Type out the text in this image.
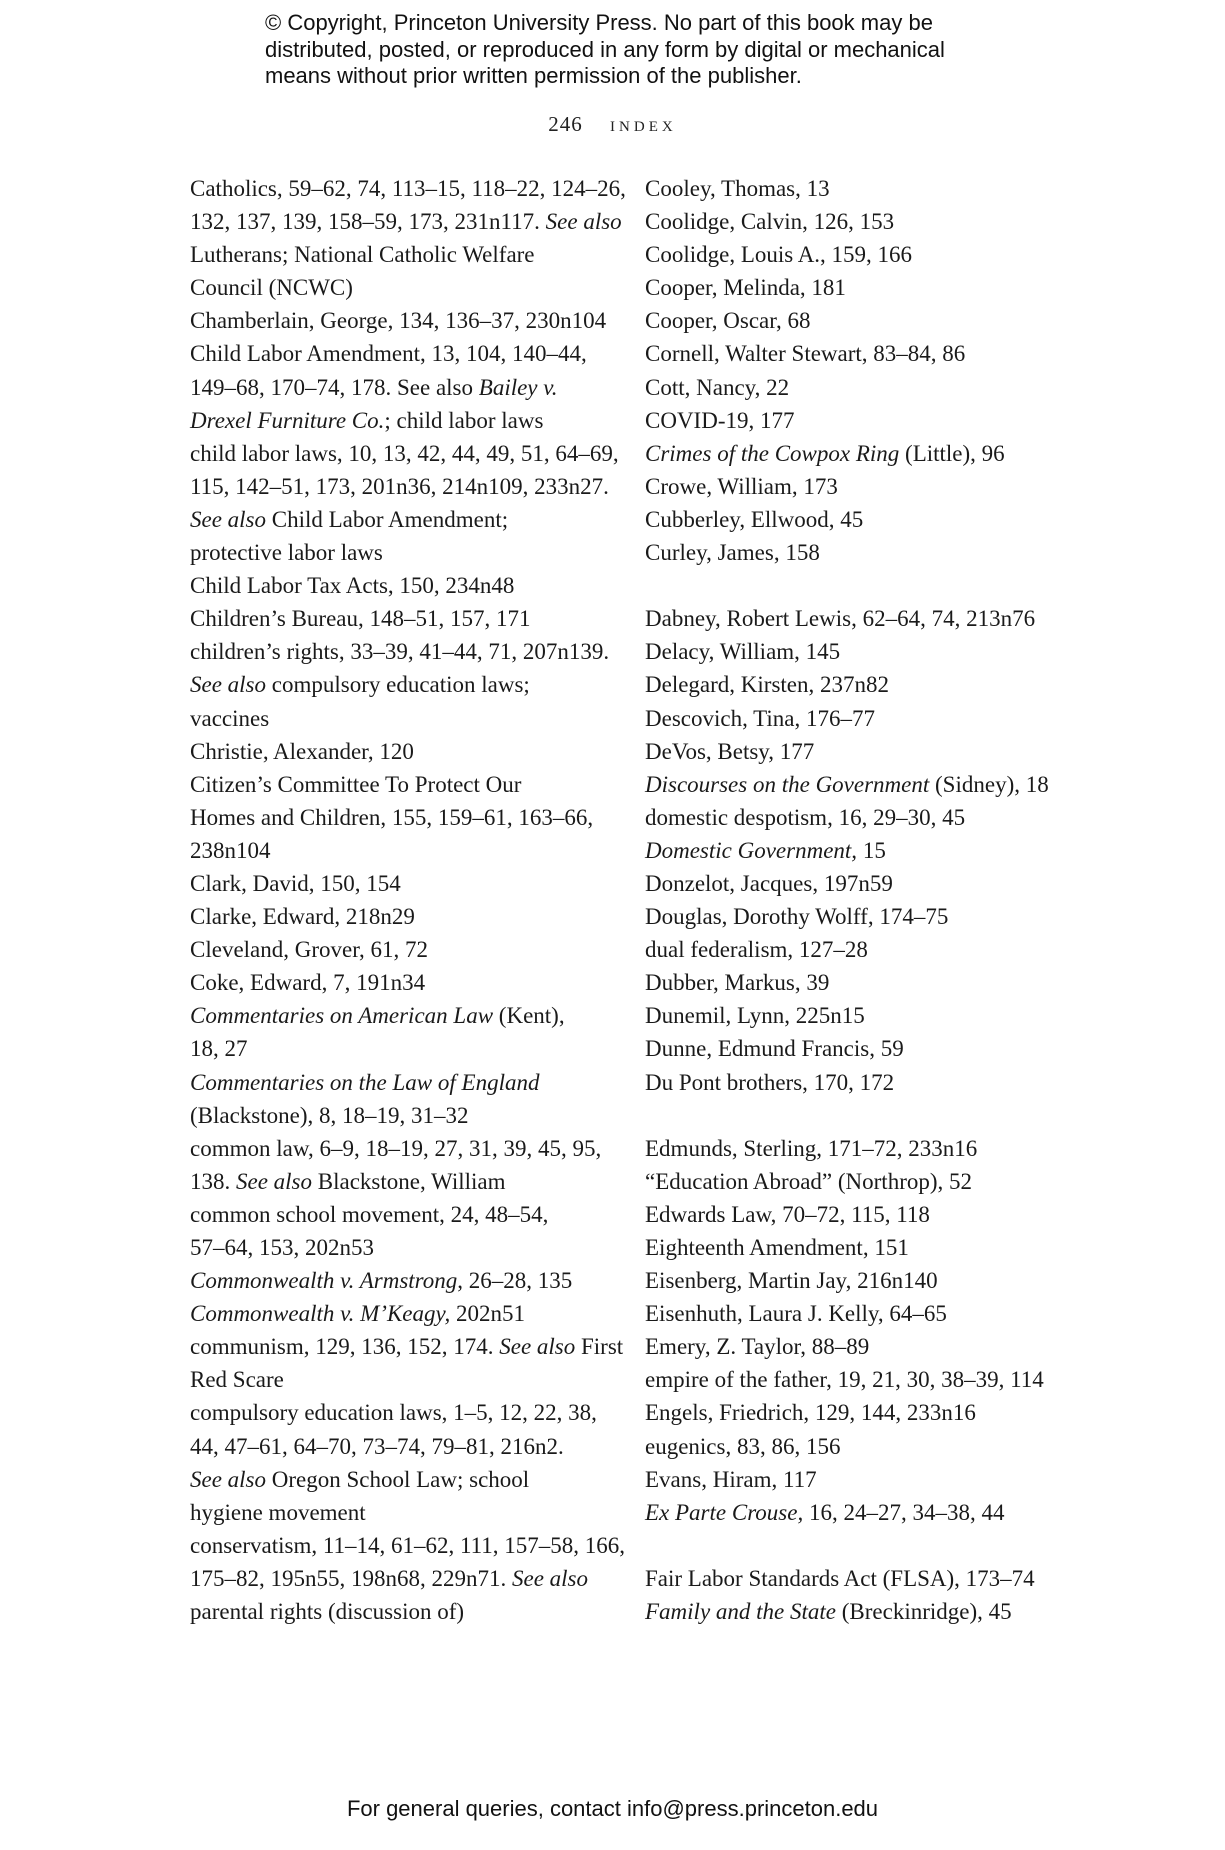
© Copyright, Princeton University Press. No part of this book may be
distributed, posted, or reproduced in any form by digital or mechanical
means without prior written permission of the publisher.
246 index
Catholics, 59–62, 74, 113–15, 118–22, 124–26,
132, 137, 139, 158–59, 173, 231n117. See also
Lutherans; National Catholic Welfare
Council (NCWC)
Chamberlain, George, 134, 136–37, 230n104
Child Labor Amendment, 13, 104, 140–44,
149–68, 170–74, 178. See also Bailey v.
Drexel Furniture Co.; child labor laws
child labor laws, 10, 13, 42, 44, 49, 51, 64–69,
115, 142–51, 173, 201n36, 214n109, 233n27.
See also Child Labor Amendment;
protective labor laws
Child Labor Tax Acts, 150, 234n48
Children’s Bureau, 148–51, 157, 171
children’s rights, 33–39, 41–44, 71, 207n139.
See also compulsory education laws;
vaccines
Christie, Alexander, 120
Citizen’s Committee To Protect Our
Homes and Children, 155, 159–61, 163–66,
238n104
Clark, David, 150, 154
Clarke, Edward, 218n29
Cleveland, Grover, 61, 72
Coke, Edward, 7, 191n34
Commentaries on American Law (Kent),
18, 27
Commentaries on the Law of England
(Blackstone), 8, 18–19, 31–32
common law, 6–9, 18–19, 27, 31, 39, 45, 95,
138. See also Blackstone, William
common school movement, 24, 48–54,
57–64, 153, 202n53
Commonwealth v. Armstrong, 26–28, 135
Commonwealth v. M’Keagy, 202n51
communism, 129, 136, 152, 174. See also First
Red Scare
compulsory education laws, 1–5, 12, 22, 38,
44, 47–61, 64–70, 73–74, 79–81, 216n2.
See also Oregon School Law; school
hygiene movement
conservatism, 11–14, 61–62, 111, 157–58, 166,
175–82, 195n55, 198n68, 229n71. See also
parental rights (discussion of)
Cooley, Thomas, 13
Coolidge, Calvin, 126, 153
Coolidge, Louis A., 159, 166
Cooper, Melinda, 181
Cooper, Oscar, 68
Cornell, Walter Stewart, 83–84, 86
Cott, Nancy, 22
COVID-19, 177
Crimes of the Cowpox Ring (Little), 96
Crowe, William, 173
Cubberley, Ellwood, 45
Curley, James, 158
Dabney, Robert Lewis, 62–64, 74, 213n76
Delacy, William, 145
Delegard, Kirsten, 237n82
Descovich, Tina, 176–77
DeVos, Betsy, 177
Discourses on the Government (Sidney), 18
domestic despotism, 16, 29–30, 45
Domestic Government, 15
Donzelot, Jacques, 197n59
Douglas, Dorothy Wolff, 174–75
dual federalism, 127–28
Dubber, Markus, 39
Dunemil, Lynn, 225n15
Dunne, Edmund Francis, 59
Du Pont brothers, 170, 172
Edmunds, Sterling, 171–72, 233n16
“Education Abroad” (Northrop), 52
Edwards Law, 70–72, 115, 118
Eighteenth Amendment, 151
Eisenberg, Martin Jay, 216n140
Eisenhuth, Laura J. Kelly, 64–65
Emery, Z. Taylor, 88–89
empire of the father, 19, 21, 30, 38–39, 114
Engels, Friedrich, 129, 144, 233n16
eugenics, 83, 86, 156
Evans, Hiram, 117
Ex Parte Crouse, 16, 24–27, 34–38, 44
Fair Labor Standards Act (FLSA), 173–74
Family and the State (Breckinridge), 45
For general queries, contact info@press.princeton.edu
